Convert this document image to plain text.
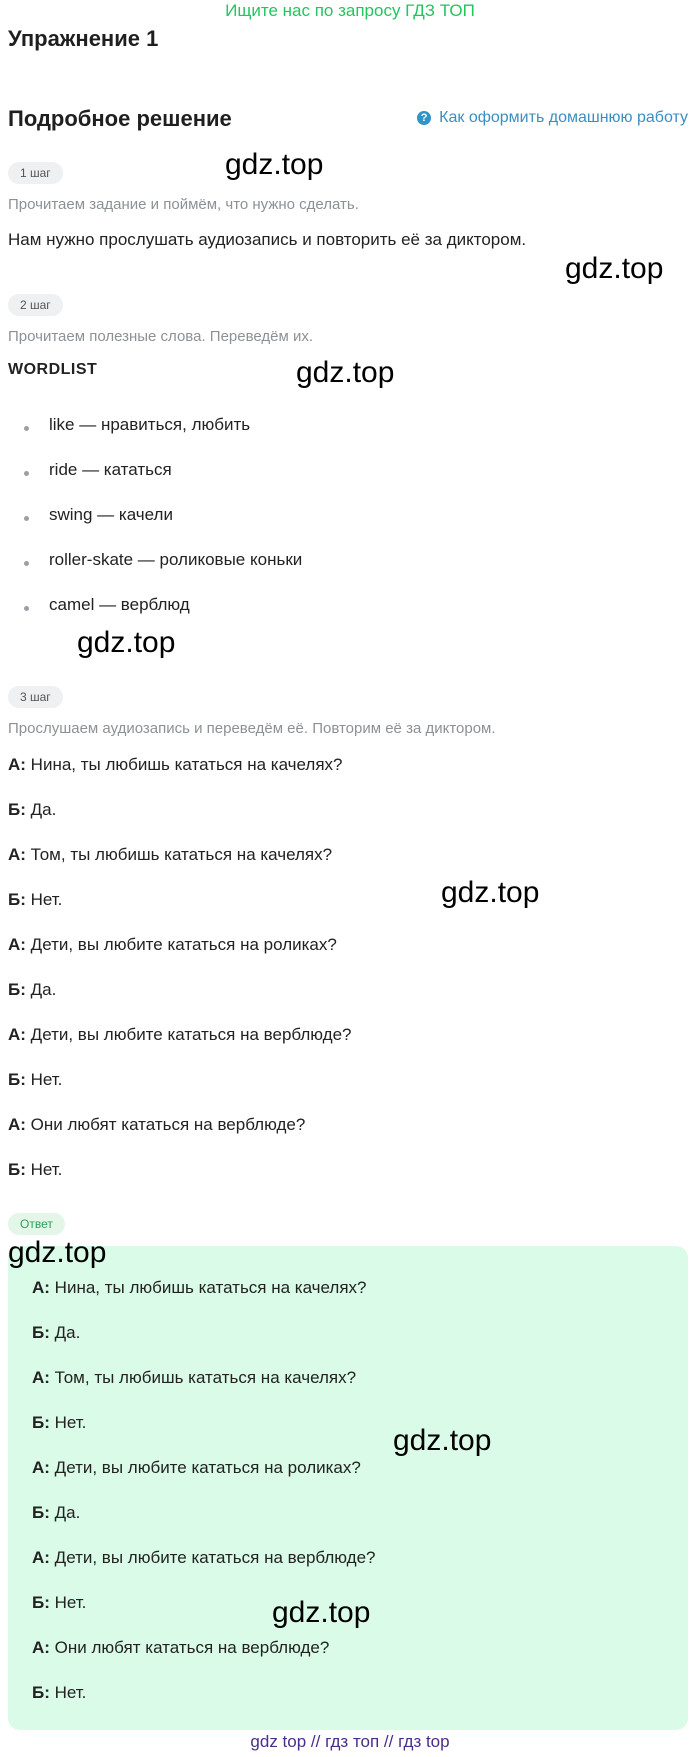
Ищите нас по запросу ГДЗ ТОП
Упражнение 1
Подробное решение	? Как оформить домашнюю работу
1 шаг
Прочитаем задание и поймём, что нужно сделать.
Нам нужно прослушать аудиозапись и повторить её за диктором.
2 шаг
Прочитаем полезные слова. Переведём их.
WORDLIST
like — нравиться, любить
ride — кататься
swing — качели
roller-skate — роликовые коньки
camel — верблюд
3 шаг
Прослушаем аудиозапись и переведём её. Повторим её за диктором.
А: Нина, ты любишь кататься на качелях?
Б: Да.
А: Том, ты любишь кататься на качелях?
Б: Нет.
А: Дети, вы любите кататься на роликах?
Б: Да.
А: Дети, вы любите кататься на верблюде?
Б: Нет.
А: Они любят кататься на верблюде?
Б: Нет.
Ответ
А: Нина, ты любишь кататься на качелях?
Б: Да.
А: Том, ты любишь кататься на качелях?
Б: Нет.
А: Дети, вы любите кататься на роликах?
Б: Да.
А: Дети, вы любите кататься на верблюде?
Б: Нет.
А: Они любят кататься на верблюде?
Б: Нет.
gdz.top
gdz.top
gdz.top
gdz.top
gdz.top
gdz.top
gdz.top
gdz.top
gdz top // гдз топ // гдз top
